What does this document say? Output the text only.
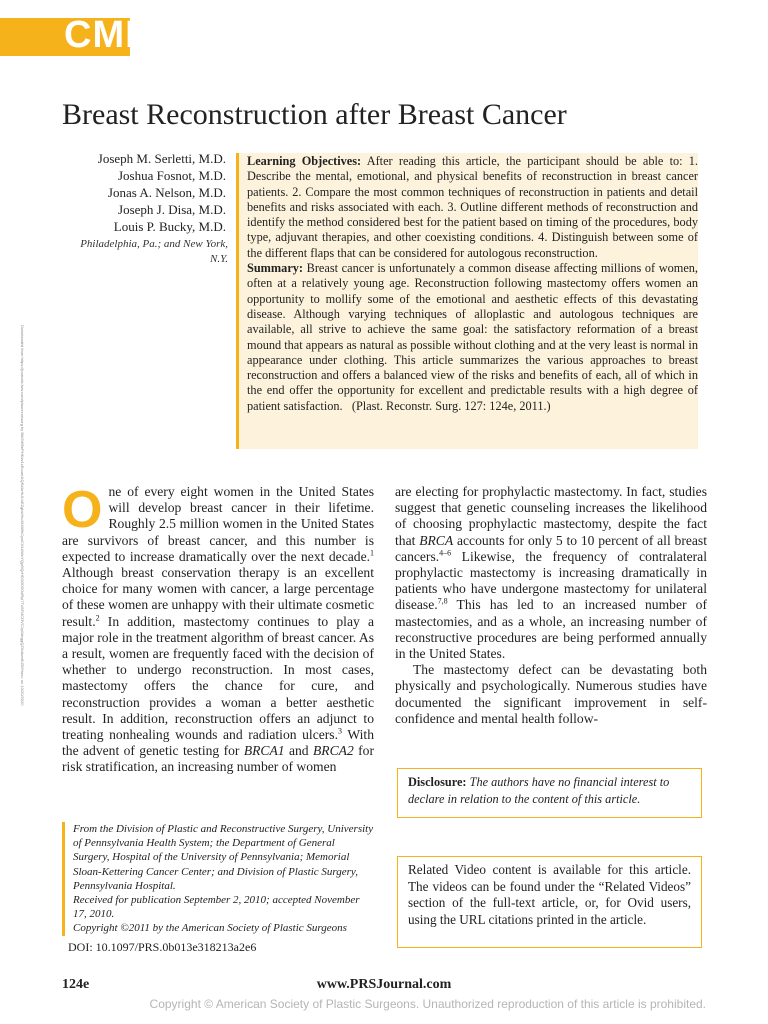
CME
Downloaded from https://journals.lww.com/plasreconsurg by BhDMf5ePHKav1zEoum1tQfN4a+kJLhEZgbsIHo4XMi0hCywCX1AWnYQp/IlQrHD3i3D0OdRyi7TvSFl4Cf3VC1y0abggQZXdtwnfKZBYtws= on 10/20/2020
Breast Reconstruction after Breast Cancer
Joseph M. Serletti, M.D.
Joshua Fosnot, M.D.
Jonas A. Nelson, M.D.
Joseph J. Disa, M.D.
Louis P. Bucky, M.D.
Philadelphia, Pa.; and New York, N.Y.
Learning Objectives: After reading this article, the participant should be able to: 1. Describe the mental, emotional, and physical benefits of reconstruction in breast cancer patients. 2. Compare the most common techniques of reconstruction in patients and detail benefits and risks associated with each. 3. Outline different methods of reconstruction and identify the method considered best for the patient based on timing of the procedures, body type, adjuvant therapies, and other coexisting conditions. 4. Distinguish between some of the different flaps that can be considered for autologous reconstruction.
Summary: Breast cancer is unfortunately a common disease affecting millions of women, often at a relatively young age. Reconstruction following mastectomy offers women an opportunity to mollify some of the emotional and aesthetic effects of this devastating disease. Although varying techniques of alloplastic and autologous techniques are available, all strive to achieve the same goal: the satisfactory reformation of a breast mound that appears as natural as possible without clothing and at the very least is normal in appearance under clothing. This article summarizes the various approaches to breast reconstruction and offers a balanced view of the risks and benefits of each, all of which in the end offer the opportunity for excellent and predictable results with a high degree of patient satisfaction. (Plast. Reconstr. Surg. 127: 124e, 2011.)

One of every eight women in the United States will develop breast cancer in their lifetime. Roughly 2.5 million women in the United States are survivors of breast cancer, and this number is expected to increase dramatically over the next decade.$^1$ Although breast conservation therapy is an excellent choice for many women with cancer, a large percentage of these women are unhappy with their ultimate cosmetic result.$^2$ In addition, mastectomy continues to play a major role in the treatment algorithm of breast cancer. As a result, women are frequently faced with the decision of whether to undergo reconstruction. In most cases, mastectomy offers the chance for cure, and reconstruction provides a woman a better aesthetic result. In addition, reconstruction offers an adjunct to treating nonhealing wounds and radiation ulcers.$^3$ With the advent of genetic testing for BRCA1 and BRCA2 for risk stratification, an increasing number of women

are electing for prophylactic mastectomy. In fact, studies suggest that genetic counseling increases the likelihood of choosing prophylactic mastectomy, despite the fact that BRCA accounts for only 5 to 10 percent of all breast cancers.$^{4-6}$ Likewise, the frequency of contralateral prophylactic mastectomy is increasing dramatically in patients who have undergone mastectomy for unilateral disease.$^{7,8}$ This has led to an increased number of mastectomies, and as a whole, an increasing number of reconstructive procedures are being performed annually in the United States.

The mastectomy defect can be devastating both physically and psychologically. Numerous studies have documented the significant improvement in self-confidence and mental health follow-

From the Division of Plastic and Reconstructive Surgery, University of Pennsylvania Health System; the Department of General Surgery, Hospital of the University of Pennsylvania; Memorial Sloan-Kettering Cancer Center; and Division of Plastic Surgery, Pennsylvania Hospital.
Received for publication September 2, 2010; accepted November 17, 2010.
Copyright ©2011 by the American Society of Plastic Surgeons
DOI: 10.1097/PRS.0b013e318213a2e6
Disclosure: The authors have no financial interest to declare in relation to the content of this article.
Related Video content is available for this article. The videos can be found under the “Related Videos” section of the full-text article, or, for Ovid users, using the URL citations printed in the article.
124e	www.PRSJournal.com
Copyright © American Society of Plastic Surgeons. Unauthorized reproduction of this article is prohibited.
